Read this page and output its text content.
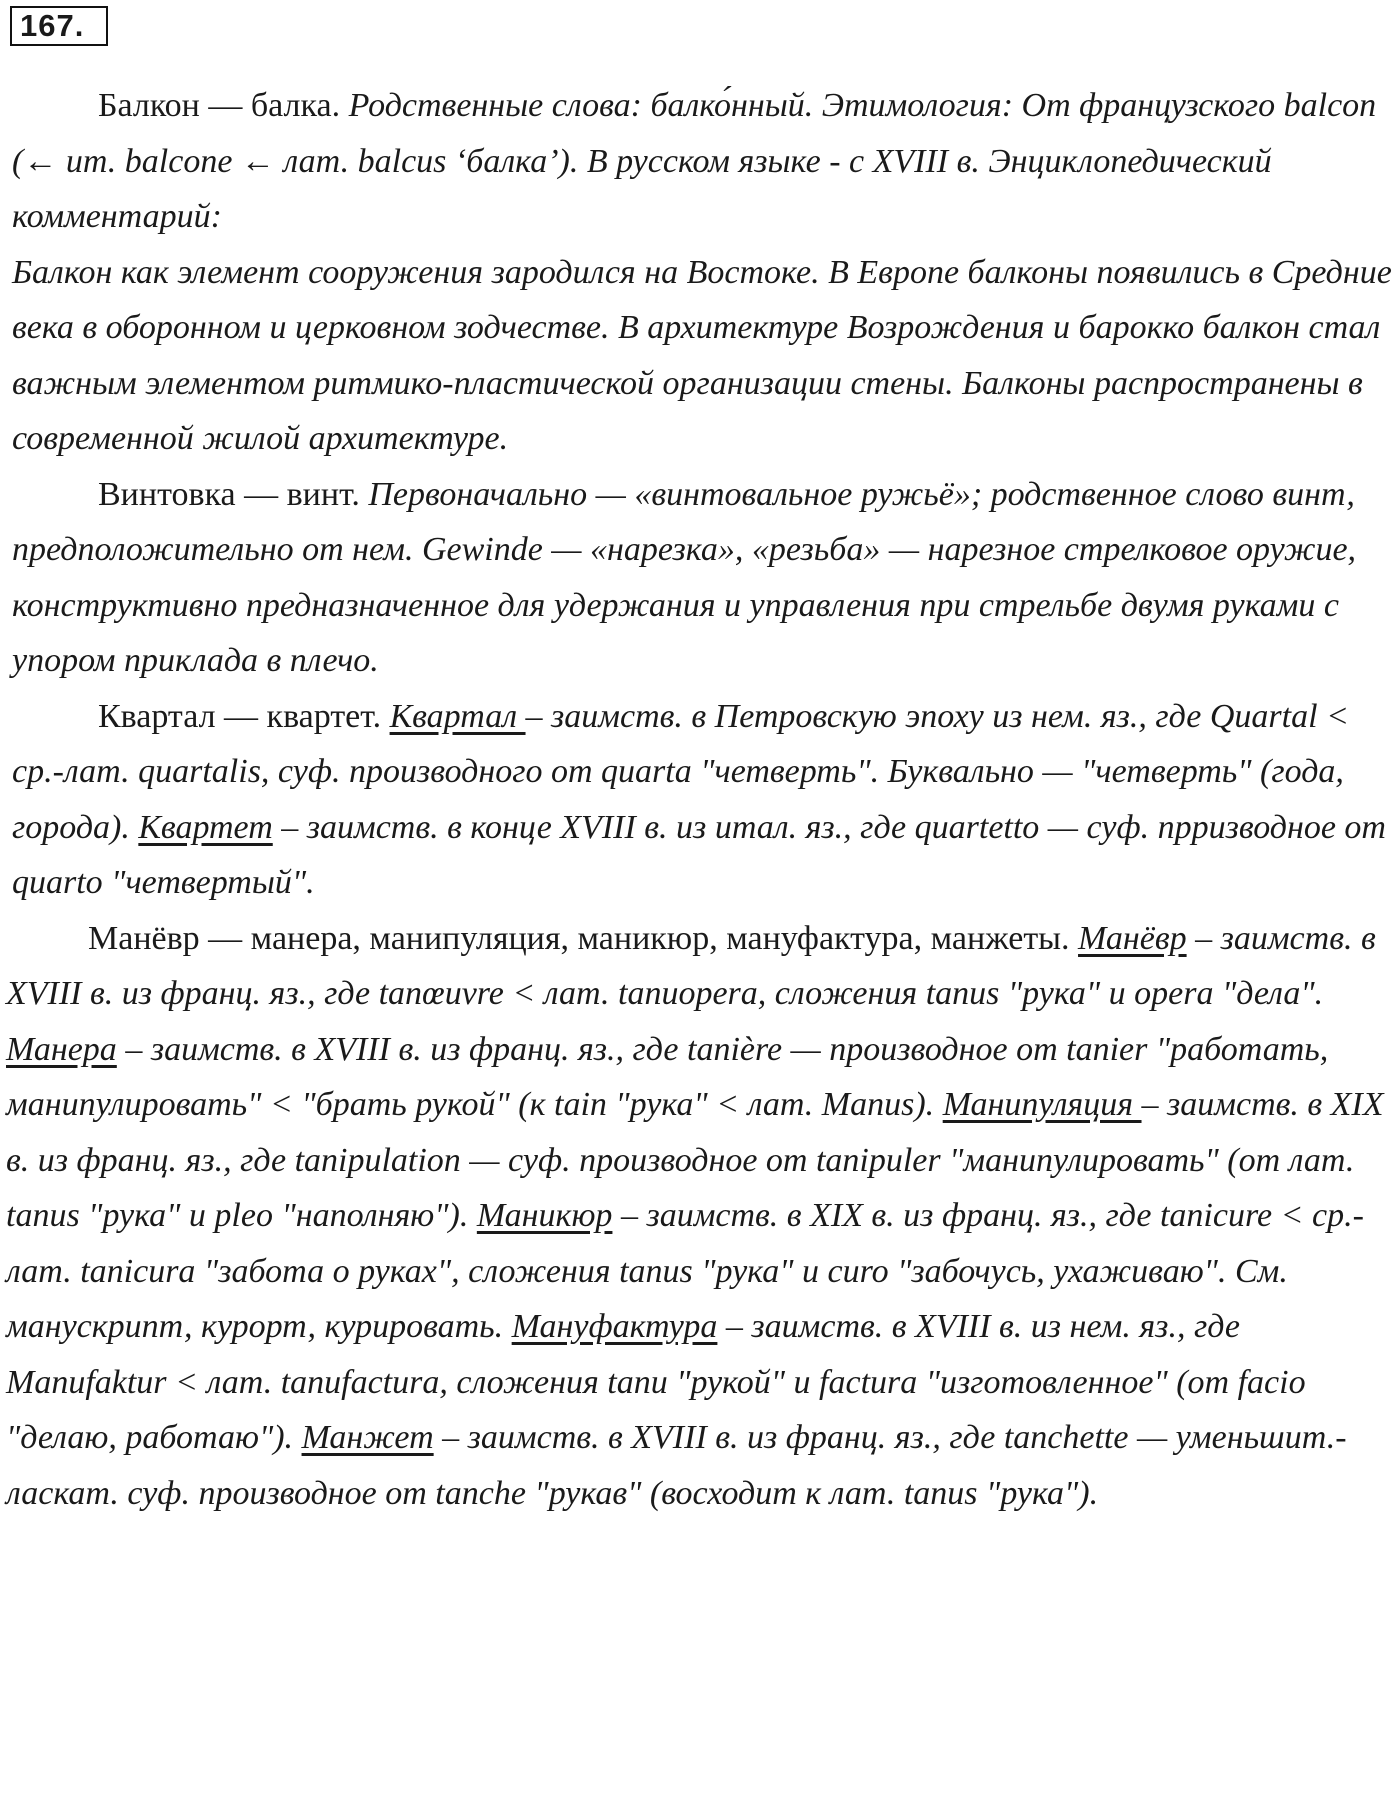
167.

Балкон — балка. Родственные слова: балко́нный. Этимология: От французского balcon (← ит. balcone ← лат. balcus ‘балка’). В русском языке - с XVIII в. Энциклопедический комментарий:

Балкон как элемент сооружения зародился на Востоке. В Европе балконы появились в Средние века в оборонном и церковном зодчестве. В архитектуре Возрождения и барокко балкон стал важным элементом ритмико-пластической организации стены. Балконы распространены в современной жилой архитектуре.

Винтовка — винт. Первоначально — «винтовальное ружьё»; родственное слово винт, предположительно от нем. Gewinde — «нарезка», «резьба» — нарезное стрелковое оружие, конструктивно предназначенное для удержания и управления при стрельбе двумя руками с упором приклада в плечо.

Квартал — квартет. Квартал – заимств. в Петровскую эпоху из нем. яз., где Quartal < ср.-лат. quartalis, суф. производного от quarta "четверть". Буквально — "четверть" (года, города). Квартет – заимств. в конце XVIII в. из итал. яз., где quartetto — суф. прризводное от quarto "четвертый".

Манёвр — манера, манипуляция, маникюр, мануфактура, манжеты. Манёвр – заимств. в XVIII в. из франц. яз., где tanœuvre < лат. tanuopera, сложения tanus "рука" и opera "дела". Манера – заимств. в XVIII в. из франц. яз., где tanière — производное от tanier "работать, манипулировать" < "брать рукой" (к tain "рука" < лат. Manus). Манипуляция – заимств. в XIX в. из франц. яз., где tanipulation — суф. производное от tanipuler "манипулировать" (от лат. tanus "рука" и pleo "наполняю"). Маникюр – заимств. в XIX в. из франц. яз., где tanicure < ср.-лат. tanicura "забота о руках", сложения tanus "рука" и curo "забочусь, ухаживаю". См. манускрипт, курорт, курировать. Мануфактура – заимств. в XVIII в. из нем. яз., где Manufaktur < лат. tanufactura, сложения tanu "рукой" и factura "изготовленное" (от facio "делаю, работаю"). Манжет – заимств. в XVIII в. из франц. яз., где tanchette — уменьшит.-ласкат. суф. производное от tanche "рукав" (восходит к лат. tanus "рука").
